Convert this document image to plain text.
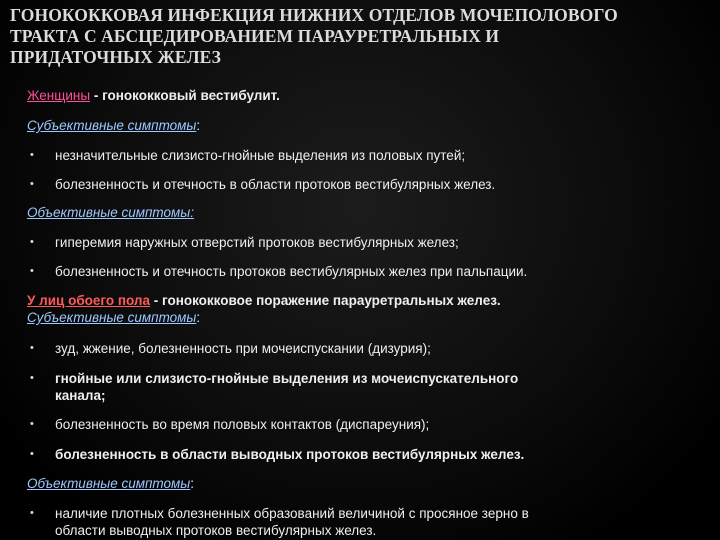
ГОНОКОККОВАЯ ИНФЕКЦИЯ НИЖНИХ ОТДЕЛОВ МОЧЕПОЛОВОГО
ТРАКТА С АБСЦЕДИРОВАНИЕМ ПАРАУРЕТРАЛЬНЫХ И
ПРИДАТОЧНЫХ ЖЕЛЕЗ
Женщины - гонококковый вестибулит.
Субъективные симптомы:
• незначительные слизисто-гнойные выделения из половых путей;
• болезненность и отечность в области протоков вестибулярных желез.
Объективные симптомы:
• гиперемия наружных отверстий протоков вестибулярных желез;
• болезненность и отечность протоков вестибулярных желез при пальпации.
У лиц обоего пола - гонококковое поражение парауретральных желез.
Субъективные симптомы:
• зуд, жжение, болезненность при мочеиспускании (дизурия);
• гнойные или слизисто-гнойные выделения из мочеиспускательного
канала;
• болезненность во время половых контактов (диспареуния);
• болезненность в области выводных протоков вестибулярных желез.
Объективные симптомы:
• наличие плотных болезненных образований величиной с просяное зерно в
области выводных протоков вестибулярных желез.
